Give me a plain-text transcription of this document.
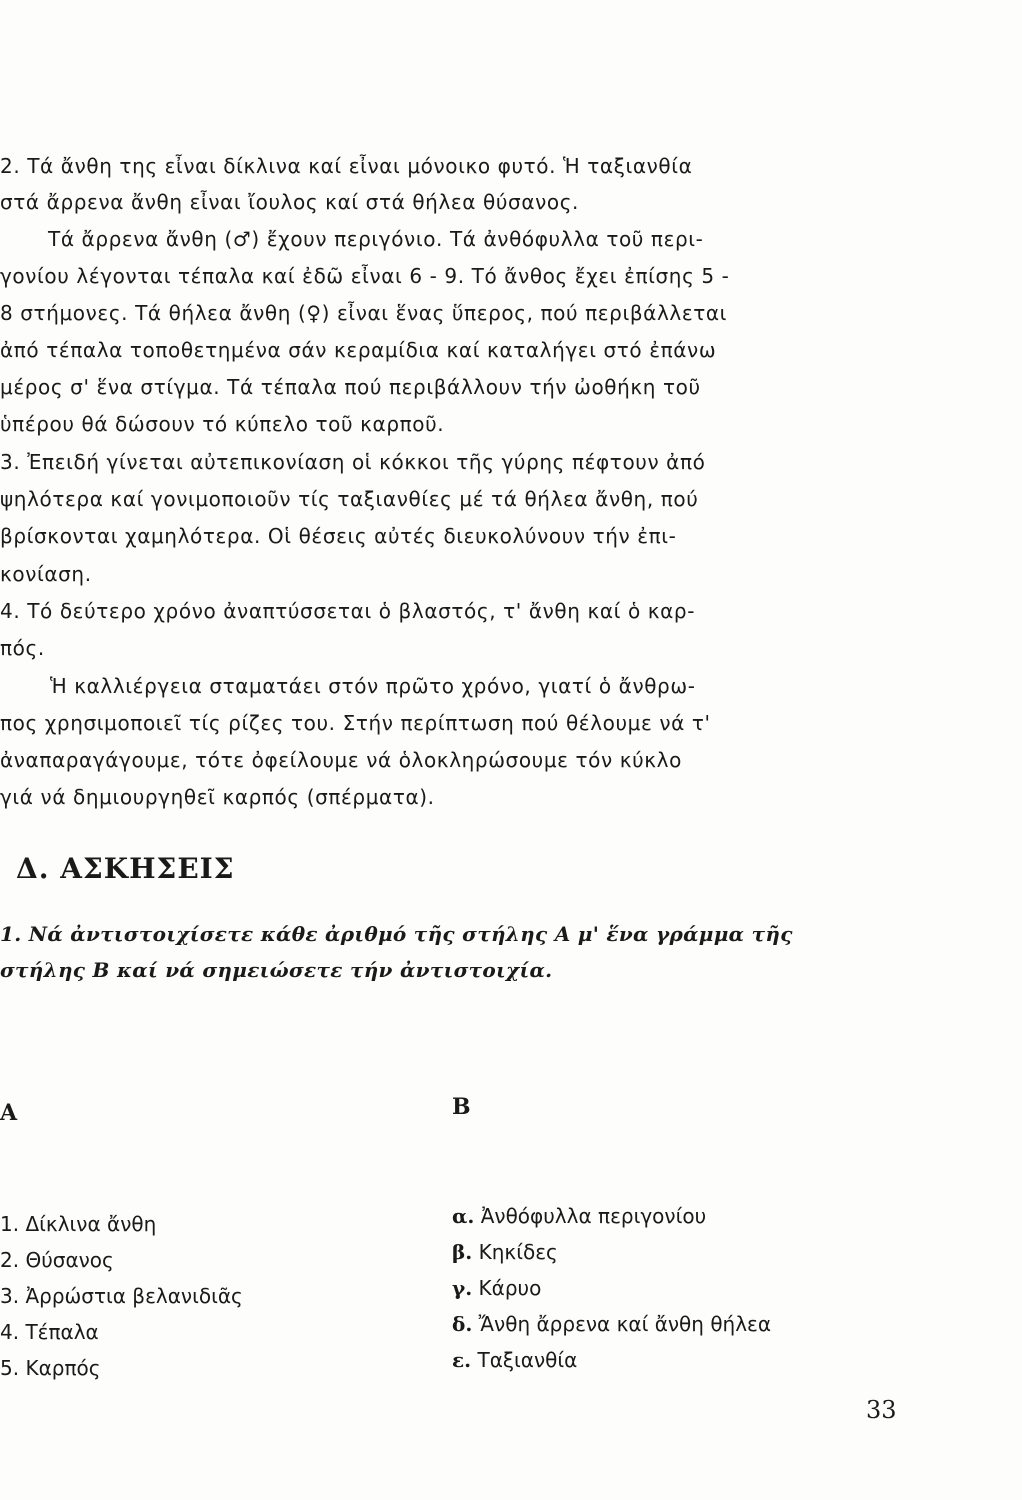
2. Τά ἄνθη της εἶναι δίκλινα καί εἶναι μόνοικο φυτό. Ἡ ταξιανθία
στά ἄρρενα ἄνθη εἶναι ἴουλος καί στά θήλεα θύσανος.
Τά ἄρρενα ἄνθη (♂) ἔχουν περιγόνιο. Τά ἀνθόφυλλα τοῦ περι-
γονίου λέγονται τέπαλα καί ἐδῶ εἶναι 6 - 9. Τό ἄνθος ἔχει ἐπίσης 5 -
8 στήμονες. Τά θήλεα ἄνθη (♀) εἶναι ἕνας ὕπερος, πού περιβάλλεται
ἀπό τέπαλα τοποθετημένα σάν κεραμίδια καί καταλήγει στό ἐπάνω
μέρος σ' ἕνα στίγμα. Τά τέπαλα πού περιβάλλουν τήν ὠοθήκη τοῦ
ὑπέρου θά δώσουν τό κύπελο τοῦ καρποῦ.
3. Ἐπειδή γίνεται αὐτεπικονίαση οἱ κόκκοι τῆς γύρης πέφτουν ἀπό
ψηλότερα καί γονιμοποιοῦν τίς ταξιανθίες μέ τά θήλεα ἄνθη, πού
βρίσκονται χαμηλότερα. Οἱ θέσεις αὐτές διευκολύνουν τήν ἐπι-
κονίαση.
4. Τό δεύτερο χρόνο ἀναπτύσσεται ὁ βλαστός, τ' ἄνθη καί ὁ καρ-
πός.
Ἡ καλλιέργεια σταματάει στόν πρῶτο χρόνο, γιατί ὁ ἄνθρω-
πος χρησιμοποιεῖ τίς ρίζες του. Στήν περίπτωση πού θέλουμε νά τ'
ἀναπαραγάγουμε, τότε ὀφείλουμε νά ὁλοκληρώσουμε τόν κύκλο
γιά νά δημιουργηθεῖ καρπός (σπέρματα).
Δ. ΑΣΚΗΣΕΙΣ
1. Νά ἀντιστοιχίσετε κάθε ἀριθμό τῆς στήλης Α μ' ἕνα γράμμα τῆς
στήλης Β καί νά σημειώσετε τήν ἀντιστοιχία.
Α	Β
1. Δίκλινα ἄνθη
2. Θύσανος
3. Ἀρρώστια βελανιδιᾶς
4. Τέπαλα
5. Καρπός
α. Ἀνθόφυλλα περιγονίου
β. Κηκίδες
γ. Κάρυο
δ. Ἄνθη ἄρρενα καί ἄνθη θήλεα
ε. Ταξιανθία
33
